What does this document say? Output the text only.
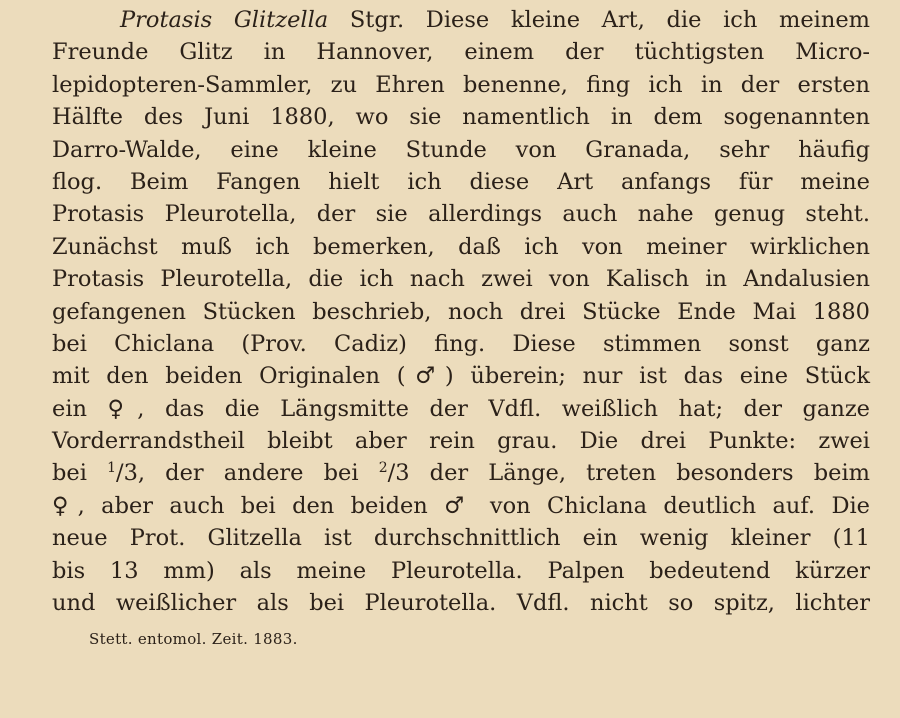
Protasis Glitzella Stgr. Diese kleine Art, die ich meinem
Freunde Glitz in Hannover, einem der tüchtigsten Micro-
lepidopteren-Sammler, zu Ehren benenne, fing ich in der ersten
Hälfte des Juni 1880, wo sie namentlich in dem sogenannten
Darro-Walde, eine kleine Stunde von Granada, sehr häufig
flog. Beim Fangen hielt ich diese Art anfangs für meine
Protasis Pleurotella, der sie allerdings auch nahe genug steht.
Zunächst muß ich bemerken, daß ich von meiner wirklichen
Protasis Pleurotella, die ich nach zwei von Kalisch in Andalusien
gefangenen Stücken beschrieb, noch drei Stücke Ende Mai 1880
bei Chiclana (Prov. Cadiz) fing. Diese stimmen sonst ganz
mit den beiden Originalen (♂) überein; nur ist das eine Stück
ein ♀, das die Längsmitte der Vdfl. weißlich hat; der ganze
Vorderrandstheil bleibt aber rein grau. Die drei Punkte: zwei
bei $^1$/3, der andere bei $^2$/3 der Länge, treten besonders beim
♀, aber auch bei den beiden ♂ von Chiclana deutlich auf. Die
neue Prot. Glitzella ist durchschnittlich ein wenig kleiner (11
bis 13 mm) als meine Pleurotella. Palpen bedeutend kürzer
und weißlicher als bei Pleurotella. Vdfl. nicht so spitz, lichter
Stett. entomol. Zeit. 1883.
